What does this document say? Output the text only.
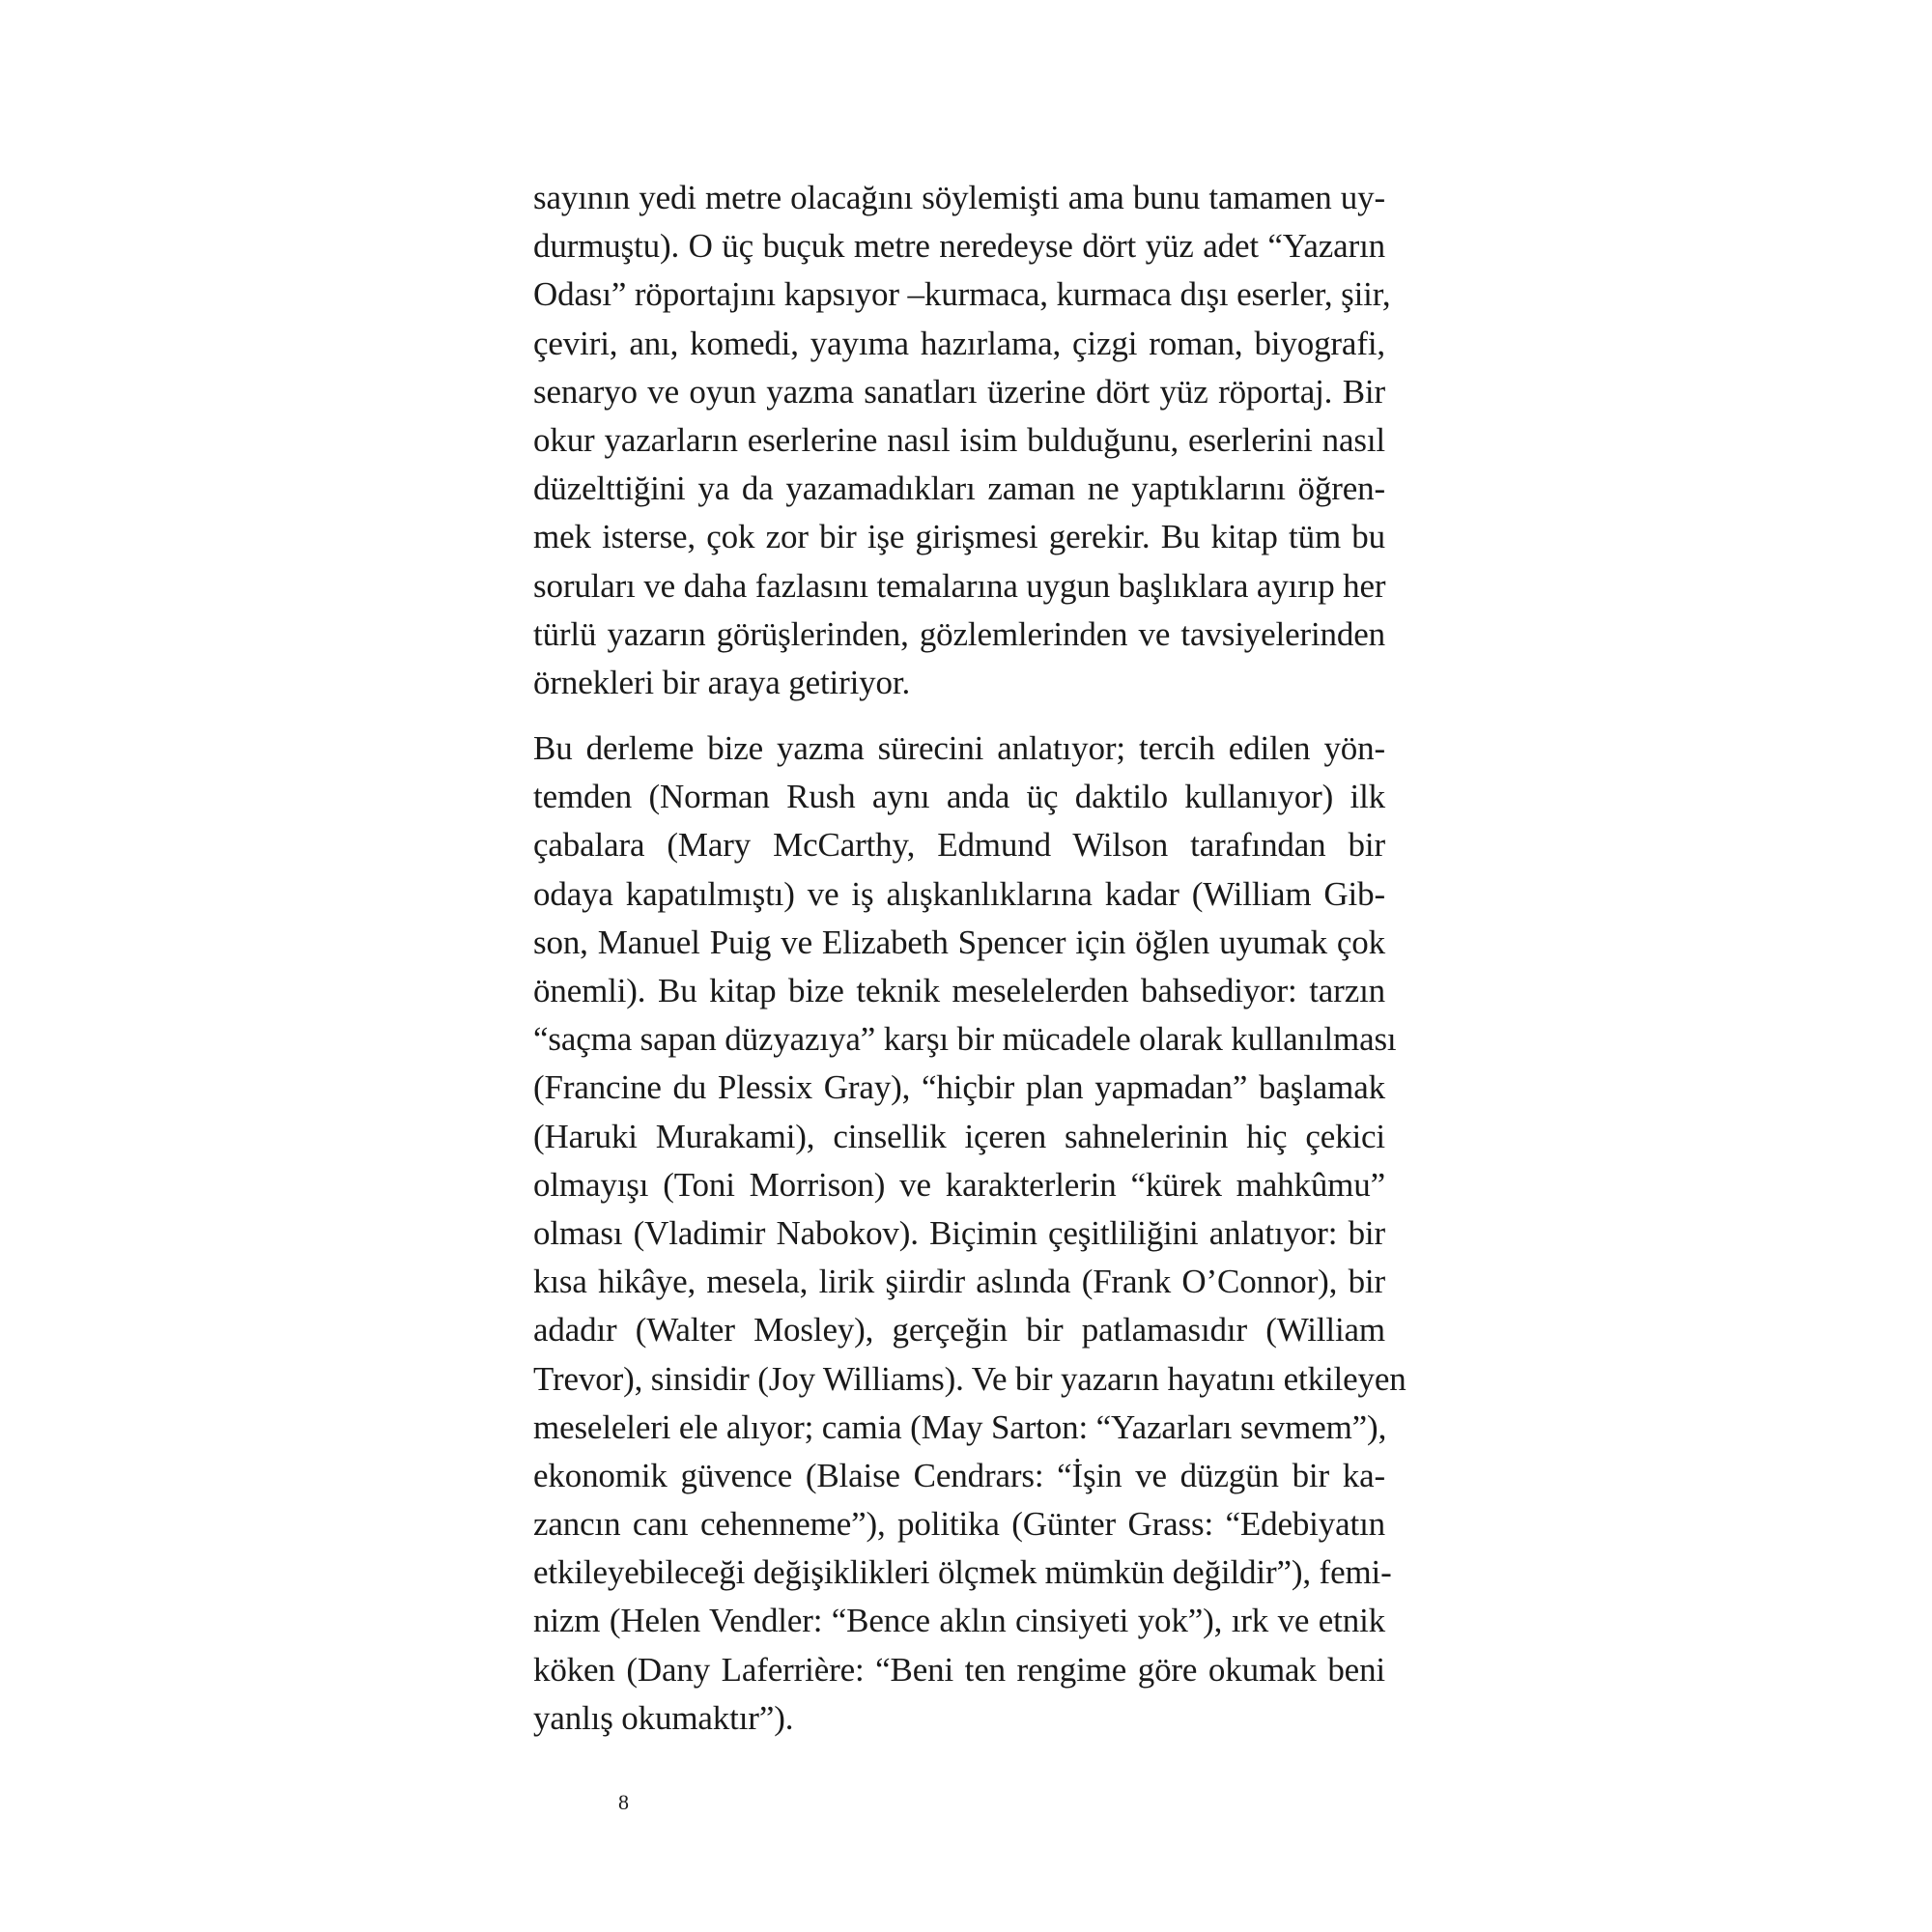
sayının yedi metre olacağını söylemişti ama bunu tamamen uy-
durmuştu). O üç buçuk metre neredeyse dört yüz adet “Yazarın
Odası” röportajını kapsıyor –kurmaca, kurmaca dışı eserler, şiir,
çeviri, anı, komedi, yayıma hazırlama, çizgi roman, biyografi,
senaryo ve oyun yazma sanatları üzerine dört yüz röportaj. Bir
okur yazarların eserlerine nasıl isim bulduğunu, eserlerini nasıl
düzelttiğini ya da yazamadıkları zaman ne yaptıklarını öğren-
mek isterse, çok zor bir işe girişmesi gerekir. Bu kitap tüm bu
soruları ve daha fazlasını temalarına uygun başlıklara ayırıp her
türlü yazarın görüşlerinden, gözlemlerinden ve tavsiyelerinden
örnekleri bir araya getiriyor.
Bu derleme bize yazma sürecini anlatıyor; tercih edilen yön-
temden (Norman Rush aynı anda üç daktilo kullanıyor) ilk
çabalara (Mary McCarthy, Edmund Wilson tarafından bir
odaya kapatılmıştı) ve iş alışkanlıklarına kadar (William Gib-
son, Manuel Puig ve Elizabeth Spencer için öğlen uyumak çok
önemli). Bu kitap bize teknik meselelerden bahsediyor: tarzın
“saçma sapan düzyazıya” karşı bir mücadele olarak kullanılması
(Francine du Plessix Gray), “hiçbir plan yapmadan” başlamak
(Haruki Murakami), cinsellik içeren sahnelerinin hiç çekici
olmayışı (Toni Morrison) ve karakterlerin “kürek mahkûmu”
olması (Vladimir Nabokov). Biçimin çeşitliliğini anlatıyor: bir
kısa hikâye, mesela, lirik şiirdir aslında (Frank O’Connor), bir
adadır (Walter Mosley), gerçeğin bir patlamasıdır (William
Trevor), sinsidir (Joy Williams). Ve bir yazarın hayatını etkileyen
meseleleri ele alıyor; camia (May Sarton: “Yazarları sevmem”),
ekonomik güvence (Blaise Cendrars: “İşin ve düzgün bir ka-
zancın canı cehenneme”), politika (Günter Grass: “Edebiyatın
etkileyebileceği değişiklikleri ölçmek mümkün değildir”), femi-
nizm (Helen Vendler: “Bence aklın cinsiyeti yok”), ırk ve etnik
köken (Dany Laferrière: “Beni ten rengime göre okumak beni
yanlış okumaktır”).
8
